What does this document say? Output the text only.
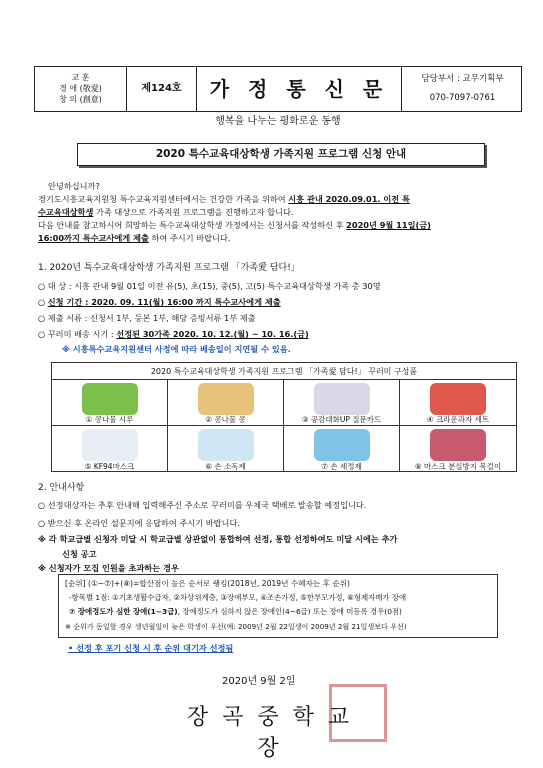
교 훈
경 애 (敬愛)
창 의 (創意)
제124호	가 정 통 신 문	담당부서 : 교무기획부
070-7097-0761
행복을 나누는 평화로운 동행
2020 특수교육대상학생 가족지원 프로그램 신청 안내
안녕하십니까?
경기도시흥교육지원청 특수교육지원센터에서는 건강한 가족을 위하여 시흥 관내 2020.09.01. 이전 특
수교육대상학생 가족 대상으로 가족지원 프로그램을 진행하고자 합니다.
다음 안내를 참고하시어 희망하는 특수교육대상학생 가정에서는 신청서를 작성하신 후 2020년 9월 11일(금)
16:00까지 특수교사에게 제출 하여 주시기 바랍니다.
1. 2020년 특수교육대상학생 가족지원 프로그램 「가족愛 담다!」
○ 대 상 : 시흥 관내 9월 01일 이전 유(5), 초(15), 중(5), 고(5) 특수교육대상학생 가족 총 30명
○ 신청 기간 : 2020. 09. 11(월) 16:00 까지 특수교사에게 제출
○ 제출 서류 : 신청서 1부, 등본 1부, 해당 증빙서류 1부 제출
○ 꾸러미 배송 시기 : 선정된 30가족 2020. 10. 12.(월) ~ 10. 16.(금)
※ 시흥특수교육지원센터 사정에 따라 배송일이 지연될 수 있음.
2020 특수교육대상학생 가족지원 프로그램 「가족愛 담다!」 꾸러미 구성품
① 콩나물 시루	② 콩나물 콩	③ 공감대화UP 질문카드	④ 크라운과자 세트
⑤ KF94마스크	⑥ 손 소독제	⑦ 손 세정제	⑧ 마스크 분실방지 목걸이
2. 안내사항
○ 선정대상자는 추후 안내해 입력해주신 주소로 꾸러미를 우체국 택배로 발송할 예정입니다.
○ 받으신 후 온라인 설문지에 응답하여 주시기 바랍니다.
※ 각 학교급별 신청자 미달 시 학교급별 상관없이 통합하여 선정, 통합 선정하여도 미달 시에는 추가
신청 공고
※ 신청자가 모집 인원을 초과하는 경우
[순위] (①~⑦)+(⑧)=합산점이 높은 순서로 랭킹(2018년, 2019년 수혜자는 후 순위)
-항목별 1점: ①기초생활수급자, ②차상위계층, ③장애부모, ④조손가정, ⑤한부모가정, ⑥형제자매가 장애
⑦ 장애정도가 심한 장애(1~3급), 장애정도가 심하지 않은 장애인(4~6급) 또는 장애 미등록 경우(0점)
※ 순위가 동일할 경우 생년월일이 늦은 학생이 우선(예: 2009년 2월 22일생이 2009년 2월 21일생보다 우선)
• 선정 후 포기 신청 시 후 순위 대기자 선정됨
2020년 9월 2일
장곡중학교장
